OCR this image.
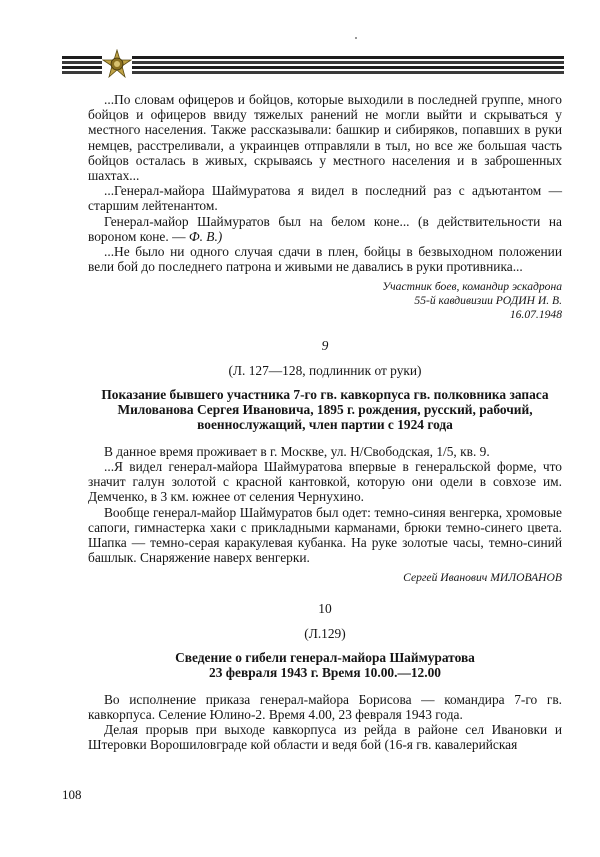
...По словам офицеров и бойцов, которые выходили в последней группе, много бойцов и офицеров ввиду тяжелых ранений не могли выйти и скрываться у местного населения. Также рассказывали: башкир и сибиряков, попавших в руки немцев, расстреливали, а украинцев отправляли в тыл, но все же большая часть бойцов осталась в живых, скрываясь у местного населения и в заброшенных шахтах...

...Генерал-майора Шаймуратова я видел в последний раз с адъютантом — старшим лейтенантом.

Генерал-майор Шаймуратов был на белом коне... (в действительности на вороном коне. — Ф. В.)

...Не было ни одного случая сдачи в плен, бойцы в безвыходном положении вели бой до последнего патрона и живыми не давались в руки противника...

Участник боев, командир эскадрона

55-й кавдивизии РОДИН И. В.

16.07.1948

9

(Л. 127—128, подлинник от руки)

Показание бывшего участника 7-го гв. кавкорпуса гв. полковника запаса Милованова Сергея Ивановича, 1895 г. рождения, русский, рабочий, военнослужащий, член партии с 1924 года

В данное время проживает в г. Москве, ул. Н/Свободская, 1/5, кв. 9.

...Я видел генерал-майора Шаймуратова впервые в генеральской форме, что значит галун золотой с красной кантовкой, которую они одели в совхозе им. Демченко, в 3 км. южнее от селения Чернухино.

Вообще генерал-майор Шаймуратов был одет: темно-синяя венгерка, хромовые сапоги, гимнастерка хаки с прикладными карманами, брюки темно-синего цвета. Шапка — темно-серая каракулевая кубанка. На руке золотые часы, темно-синий башлык. Снаряжение наверх венгерки.

Сергей Иванович МИЛОВАНОВ

10

(Л.129)

Сведение о гибели генерал-майора Шаймуратова

23 февраля 1943 г. Время 10.00.—12.00

Во исполнение приказа генерал-майора Борисова — командира 7-го гв. кавкорпуса. Селение Юлино-2. Время 4.00, 23 февраля 1943 года.

Делая прорыв при выходе кавкорпуса из рейда в районе сел Ивановки и Штеровки Ворошиловграде кой области и ведя бой (16-я гв. кавалерийская

108
